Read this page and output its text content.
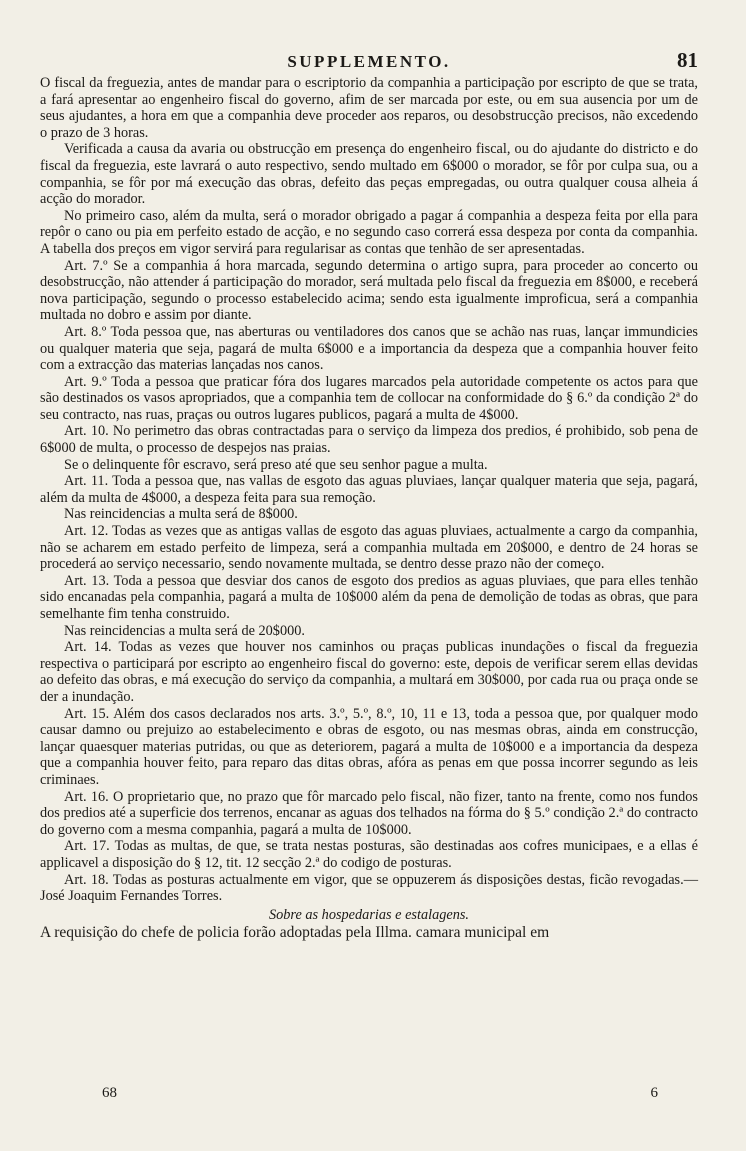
SUPPLEMENTO.	81

O fiscal da freguezia, antes de mandar para o escriptorio da companhia a participação por escripto de que se trata, a fará apresentar ao engenheiro fiscal do governo, afim de ser marcada por este, ou em sua ausencia por um de seus ajudantes, a hora em que a companhia deve proceder aos reparos, ou desobstrucção precisos, não excedendo o prazo de 3 horas.

Verificada a causa da avaria ou obstrucção em presença do engenheiro fiscal, ou do ajudante do districto e do fiscal da freguezia, este lavrará o auto respectivo, sendo multado em 6$000 o morador, se fôr por culpa sua, ou a companhia, se fôr por má execução das obras, defeito das peças empregadas, ou outra qualquer cousa alheia á acção do morador.

No primeiro caso, além da multa, será o morador obrigado a pagar á companhia a despeza feita por ella para repôr o cano ou pia em perfeito estado de acção, e no segundo caso correrá essa despeza por conta da companhia. A tabella dos preços em vigor servirá para regularisar as contas que tenhão de ser apresentadas.

Art. 7.º Se a companhia á hora marcada, segundo determina o artigo supra, para proceder ao concerto ou desobstrucção, não attender á participação do morador, será multada pelo fiscal da freguezia em 8$000, e receberá nova participação, segundo o processo estabelecido acima; sendo esta igualmente improficua, será a companhia multada no dobro e assim por diante.

Art. 8.º Toda pessoa que, nas aberturas ou ventiladores dos canos que se achão nas ruas, lançar immundicies ou qualquer materia que seja, pagará de multa 6$000 e a importancia da despeza que a companhia houver feito com a extracção das materias lançadas nos canos.

Art. 9.º Toda a pessoa que praticar fóra dos lugares marcados pela autoridade competente os actos para que são destinados os vasos apropriados, que a companhia tem de collocar na conformidade do § 6.º da condição 2ª do seu contracto, nas ruas, praças ou outros lugares publicos, pagará a multa de 4$000.

Art. 10. No perimetro das obras contractadas para o serviço da limpeza dos predios, é prohibido, sob pena de 6$000 de multa, o processo de despejos nas praias.

Se o delinquente fôr escravo, será preso até que seu senhor pague a multa.

Art. 11. Toda a pessoa que, nas vallas de esgoto das aguas pluviaes, lançar qualquer materia que seja, pagará, além da multa de 4$000, a despeza feita para sua remoção.

Nas reincidencias a multa será de 8$000.

Art. 12. Todas as vezes que as antigas vallas de esgoto das aguas pluviaes, actualmente a cargo da companhia, não se acharem em estado perfeito de limpeza, será a companhia multada em 20$000, e dentro de 24 horas se procederá ao serviço necessario, sendo novamente multada, se dentro desse prazo não der começo.

Art. 13. Toda a pessoa que desviar dos canos de esgoto dos predios as aguas pluviaes, que para elles tenhão sido encanadas pela companhia, pagará a multa de 10$000 além da pena de demolição de todas as obras, que para semelhante fim tenha construido.

Nas reincidencias a multa será de 20$000.

Art. 14. Todas as vezes que houver nos caminhos ou praças publicas inundações o fiscal da freguezia respectiva o participará por escripto ao engenheiro fiscal do governo: este, depois de verificar serem ellas devidas ao defeito das obras, e má execução do serviço da companhia, a multará em 30$000, por cada rua ou praça onde se der a inundação.

Art. 15. Além dos casos declarados nos arts. 3.º, 5.º, 8.º, 10, 11 e 13, toda a pessoa que, por qualquer modo causar damno ou prejuizo ao estabelecimento e obras de esgoto, ou nas mesmas obras, ainda em construcção, lançar quaesquer materias putridas, ou que as deteriorem, pagará a multa de 10$000 e a importancia da despeza que a companhia houver feito, para reparo das ditas obras, afóra as penas em que possa incorrer segundo as leis criminaes.

Art. 16. O proprietario que, no prazo que fôr marcado pelo fiscal, não fizer, tanto na frente, como nos fundos dos predios até a superficie dos terrenos, encanar as aguas dos telhados na fórma do § 5.º condição 2.ª do contracto do governo com a mesma companhia, pagará a multa de 10$000.

Art. 17. Todas as multas, de que, se trata nestas posturas, são destinadas aos cofres municipaes, e a ellas é applicavel a disposição do § 12, tit. 12 secção 2.ª do codigo de posturas.

Art. 18. Todas as posturas actualmente em vigor, que se oppuzerem ás disposições destas, ficão revogadas.—José Joaquim Fernandes Torres.

Sobre as hospedarias e estalagens.

A requisição do chefe de policia forão adoptadas pela Illma. camara municipal em

68	6
